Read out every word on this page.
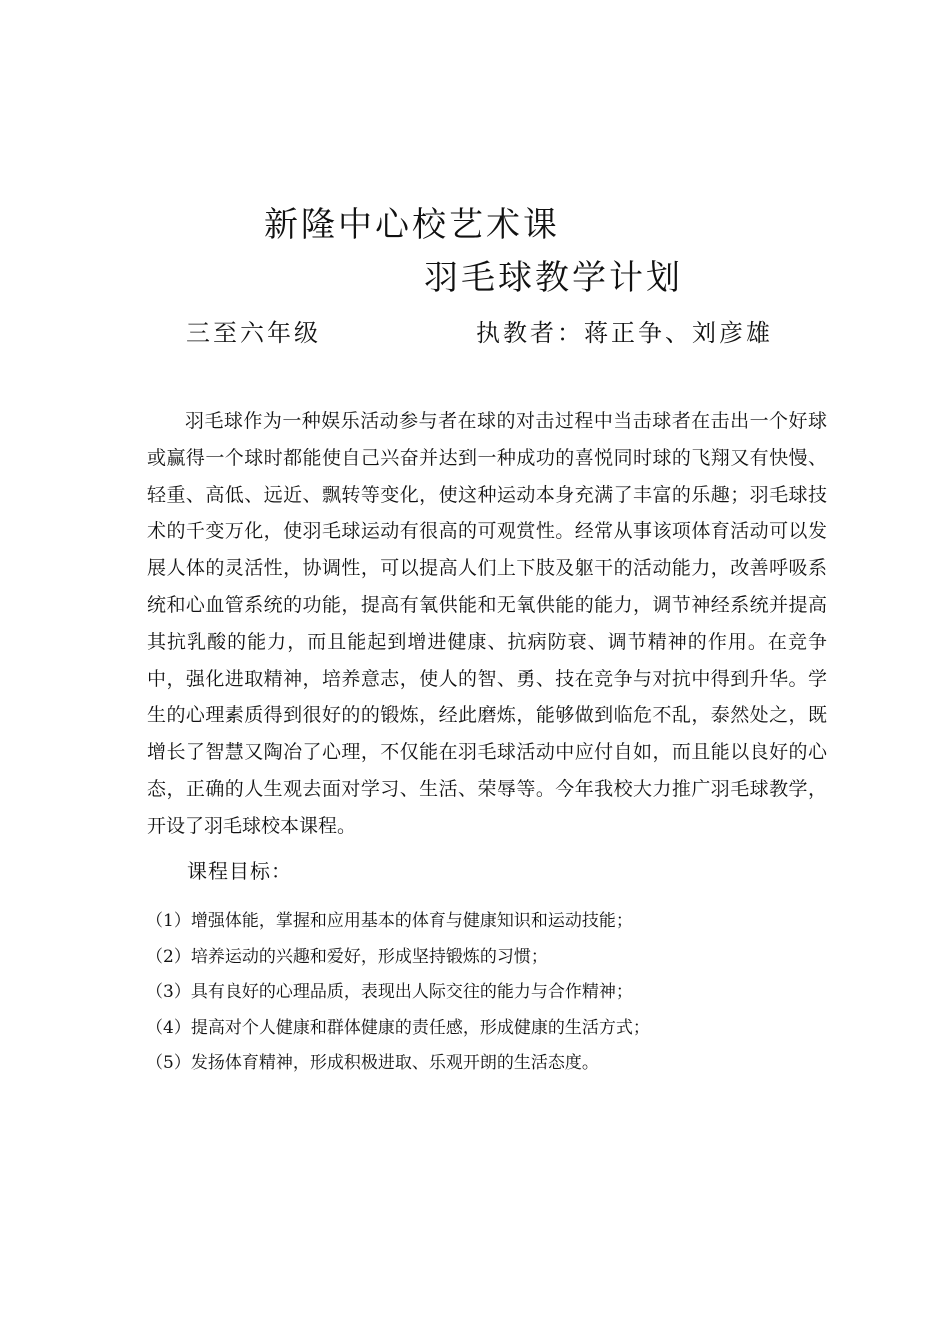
新隆中心校艺术课
羽毛球教学计划
三至六年级	执教者：蒋正争、刘彦雄

羽毛球作为一种娱乐活动参与者在球的对击过程中当击球者在击出一个好球或赢得一个球时都能使自己兴奋并达到一种成功的喜悦同时球的飞翔又有快慢、轻重、高低、远近、飘转等变化，使这种运动本身充满了丰富的乐趣；羽毛球技术的千变万化，使羽毛球运动有很高的可观赏性。经常从事该项体育活动可以发展人体的灵活性，协调性，可以提高人们上下肢及躯干的活动能力，改善呼吸系统和心血管系统的功能，提高有氧供能和无氧供能的能力，调节神经系统并提高其抗乳酸的能力，而且能起到增进健康、抗病防衰、调节精神的作用。在竞争中，强化进取精神，培养意志，使人的智、勇、技在竞争与对抗中得到升华。学生的心理素质得到很好的的锻炼，经此磨炼，能够做到临危不乱，泰然处之，既增长了智慧又陶冶了心理，不仅能在羽毛球活动中应付自如，而且能以良好的心态，正确的人生观去面对学习、生活、荣辱等。今年我校大力推广羽毛球教学，开设了羽毛球校本课程。

课程目标：
（1）增强体能，掌握和应用基本的体育与健康知识和运动技能；
（2）培养运动的兴趣和爱好，形成坚持锻炼的习惯；
（3）具有良好的心理品质，表现出人际交往的能力与合作精神；
（4）提高对个人健康和群体健康的责任感，形成健康的生活方式；
（5）发扬体育精神，形成积极进取、乐观开朗的生活态度。
